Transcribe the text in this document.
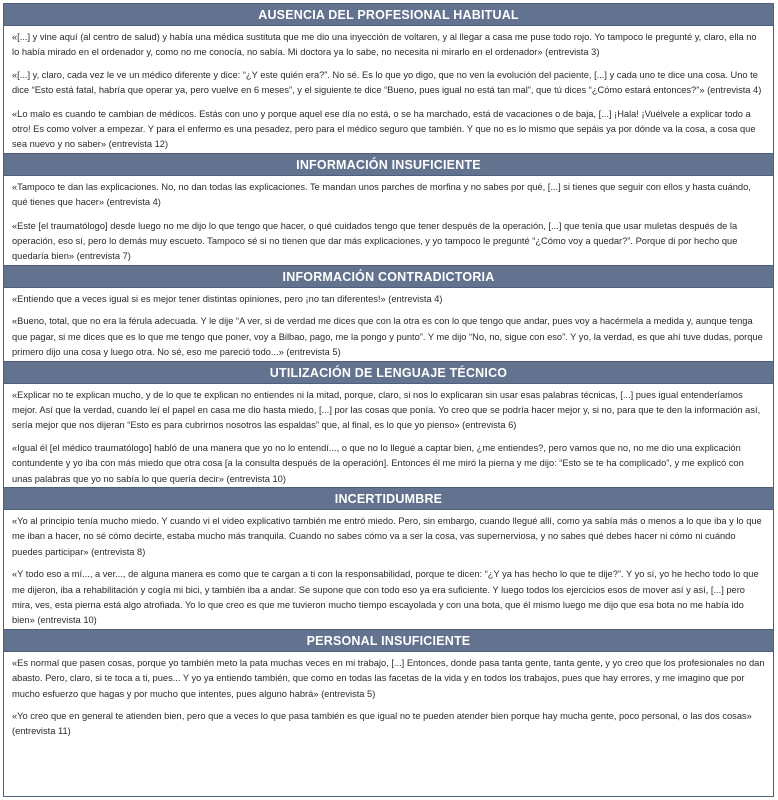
AUSENCIA DEL PROFESIONAL HABITUAL

«[...] y vine aquí (al centro de salud) y había una médica sustituta que me dio una inyección de voltaren, y al llegar a casa me puse todo rojo. Yo tampoco le pregunté y, claro, ella no lo había mirado en el ordenador y, como no me conocía, no sabía. Mi doctora ya lo sabe, no necesita ni mirarlo en el ordenador» (entrevista 3)

«[...] y, claro, cada vez le ve un médico diferente y dice: “¿Y este quién era?”. No sé. Es lo que yo digo, que no ven la evolución del paciente, [...] y cada uno te dice una cosa. Uno te dice “Esto está fatal, habría que operar ya, pero vuelve en 6 meses”, y el siguiente te dice “Bueno, pues igual no está tan mal”, que tú dices “¿Cómo estará entonces?”» (entrevista 4)

«Lo malo es cuando te cambian de médicos. Estás con uno y porque aquel ese día no está, o se ha marchado, está de vacaciones o de baja, [...] ¡Hala! ¡Vuélvele a explicar todo a otro! Es como volver a empezar. Y para el enfermo es una pesadez, pero para el médico seguro que también. Y que no es lo mismo que sepáis ya por dónde va la cosa, a cosa que sea nuevo y no saber» (entrevista 12)

INFORMACIÓN INSUFICIENTE

«Tampoco te dan las explicaciones. No, no dan todas las explicaciones. Te mandan unos parches de morfina y no sabes por qué, [...] si tienes que seguir con ellos y hasta cuándo, qué tienes que hacer» (entrevista 4)

«Este [el traumatólogo] desde luego no me dijo lo que tengo que hacer, o qué cuidados tengo que tener después de la operación, [...] que tenía que usar muletas después de la operación, eso sí, pero lo demás muy escueto. Tampoco sé si no tienen que dar más explicaciones, y yo tampoco le pregunté “¿Cómo voy a quedar?”. Porque di por hecho que quedaría bien» (entrevista 7)

INFORMACIÓN CONTRADICTORIA

«Entiendo que a veces igual si es mejor tener distintas opiniones, pero ¡no tan diferentes!» (entrevista 4)

«Bueno, total, que no era la férula adecuada. Y le dije “A ver, si de verdad me dices que con la otra es con lo que tengo que andar, pues voy a hacérmela a medida y, aunque tenga que pagar, si me dices que es lo que me tengo que poner, voy a Bilbao, pago, me la pongo y punto”. Y me dijo “No, no, sigue con eso”. Y yo, la verdad, es que ahí tuve dudas, porque primero dijo una cosa y luego otra. No sé, eso me pareció todo...» (entrevista 5)

UTILIZACIÓN DE LENGUAJE TÉCNICO

«Explicar no te explican mucho, y de lo que te explican no entiendes ni la mitad, porque, claro, si nos lo explicaran sin usar esas palabras técnicas, [...] pues igual entenderíamos mejor. Así que la verdad, cuando leí el papel en casa me dio hasta miedo, [...] por las cosas que ponía. Yo creo que se podría hacer mejor y, si no, para que te den la información así, sería mejor que nos dijeran “Esto es para cubrirnos nosotros las espaldas” que, al final, es lo que yo pienso» (entrevista 6)

«Igual él [el médico traumatólogo] habló de una manera que yo no lo entendí..., o que no lo llegué a captar bien, ¿me entiendes?, pero vamos que no, no me dio una explicación contundente y yo iba con más miedo que otra cosa [a la consulta después de la operación]. Entonces él me miró la pierna y me dijo: “Esto se te ha complicado”, y me explicó con unas palabras que yo no sabía lo que quería decir» (entrevista 10)

INCERTIDUMBRE

«Yo al principio tenía mucho miedo. Y cuando vi el video explicativo también me entró miedo. Pero, sin embargo, cuando llegué allí, como ya sabía más o menos a lo que iba y lo que me iban a hacer, no sé cómo decirte, estaba mucho más tranquila. Cuando no sabes cómo va a ser la cosa, vas supernerviosa, y no sabes qué debes hacer ni cómo ni cuándo puedes participar» (entrevista 8)

«Y todo eso a mí..., a ver..., de alguna manera es como que te cargan a ti con la responsabilidad, porque te dicen: “¿Y ya has hecho lo que te dije?”. Y yo sí, yo he hecho todo lo que me dijeron, iba a rehabilitación y cogía mi bici, y también iba a andar. Se supone que con todo eso ya era suficiente. Y luego todos los ejercicios esos de mover así y así, [...] pero mira, ves, esta pierna está algo atrofiada. Yo lo que creo es que me tuvieron mucho tiempo escayolada y con una bota, que él mismo luego me dijo que esa bota no me había ido bien» (entrevista 10)

PERSONAL INSUFICIENTE

«Es normal que pasen cosas, porque yo también meto la pata muchas veces en mi trabajo, [...] Entonces, donde pasa tanta gente, tanta gente, y yo creo que los profesionales no dan abasto. Pero, claro, si te toca a ti, pues... Y yo ya entiendo también, que como en todas las facetas de la vida y en todos los trabajos, pues que hay errores, y me imagino que por mucho esfuerzo que hagas y por mucho que intentes, pues alguno habrá» (entrevista 5)

«Yo creo que en general te atienden bien, pero que a veces lo que pasa también es que igual no te pueden atender bien porque hay mucha gente, poco personal, o las dos cosas» (entrevista 11)
